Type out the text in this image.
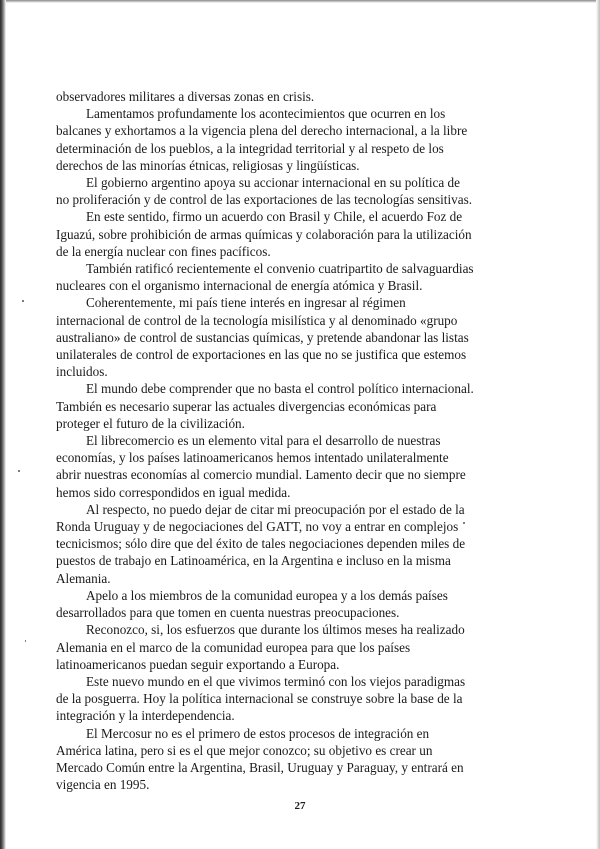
observadores militares a diversas zonas en crisis.

Lamentamos profundamente los acontecimientos que ocurren en los balcanes y exhortamos a la vigencia plena del derecho internacional, a la libre determinación de los pueblos, a la integridad territorial y al respeto de los derechos de las minorías étnicas, religiosas y lingüísticas.

El gobierno argentino apoya su accionar internacional en su política de no proliferación y de control de las exportaciones de las tecnologías sensitivas.

En este sentido, firmo un acuerdo con Brasil y Chile, el acuerdo Foz de Iguazú, sobre prohibición de armas químicas y colaboración para la utilización de la energía nuclear con fines pacíficos.

También ratificó recientemente el convenio cuatripartito de salvaguardias nucleares con el organismo internacional de energía atómica y Brasil.

Coherentemente, mi país tiene interés en ingresar al régimen internacional de control de la tecnología misilística y al denominado «grupo australiano» de control de sustancias químicas, y pretende abandonar las listas unilaterales de control de exportaciones en las que no se justifica que estemos incluidos.

El mundo debe comprender que no basta el control político internacional. También es necesario superar las actuales divergencias económicas para proteger el futuro de la civilización.

El librecomercio es un elemento vital para el desarrollo de nuestras economías, y los países latinoamericanos hemos intentado unilateralmente abrir nuestras economías al comercio mundial. Lamento decir que no siempre hemos sido correspondidos en igual medida.

Al respecto, no puedo dejar de citar mi preocupación por el estado de la Ronda Uruguay y de negociaciones del GATT, no voy a entrar en complejos tecnicismos; sólo dire que del éxito de tales negociaciones dependen miles de puestos de trabajo en Latinoamérica, en la Argentina e incluso en la misma Alemania.

Apelo a los miembros de la comunidad europea y a los demás países desarrollados para que tomen en cuenta nuestras preocupaciones.

Reconozco, si, los esfuerzos que durante los últimos meses ha realizado Alemania en el marco de la comunidad europea para que los países latinoamericanos puedan seguir exportando a Europa.

Este nuevo mundo en el que vivimos terminó con los viejos paradigmas de la posguerra. Hoy la política internacional se construye sobre la base de la integración y la interdependencia.

El Mercosur no es el primero de estos procesos de integración en América latina, pero si es el que mejor conozco; su objetivo es crear un Mercado Común entre la Argentina, Brasil, Uruguay y Paraguay, y entrará en vigencia en 1995.

27
